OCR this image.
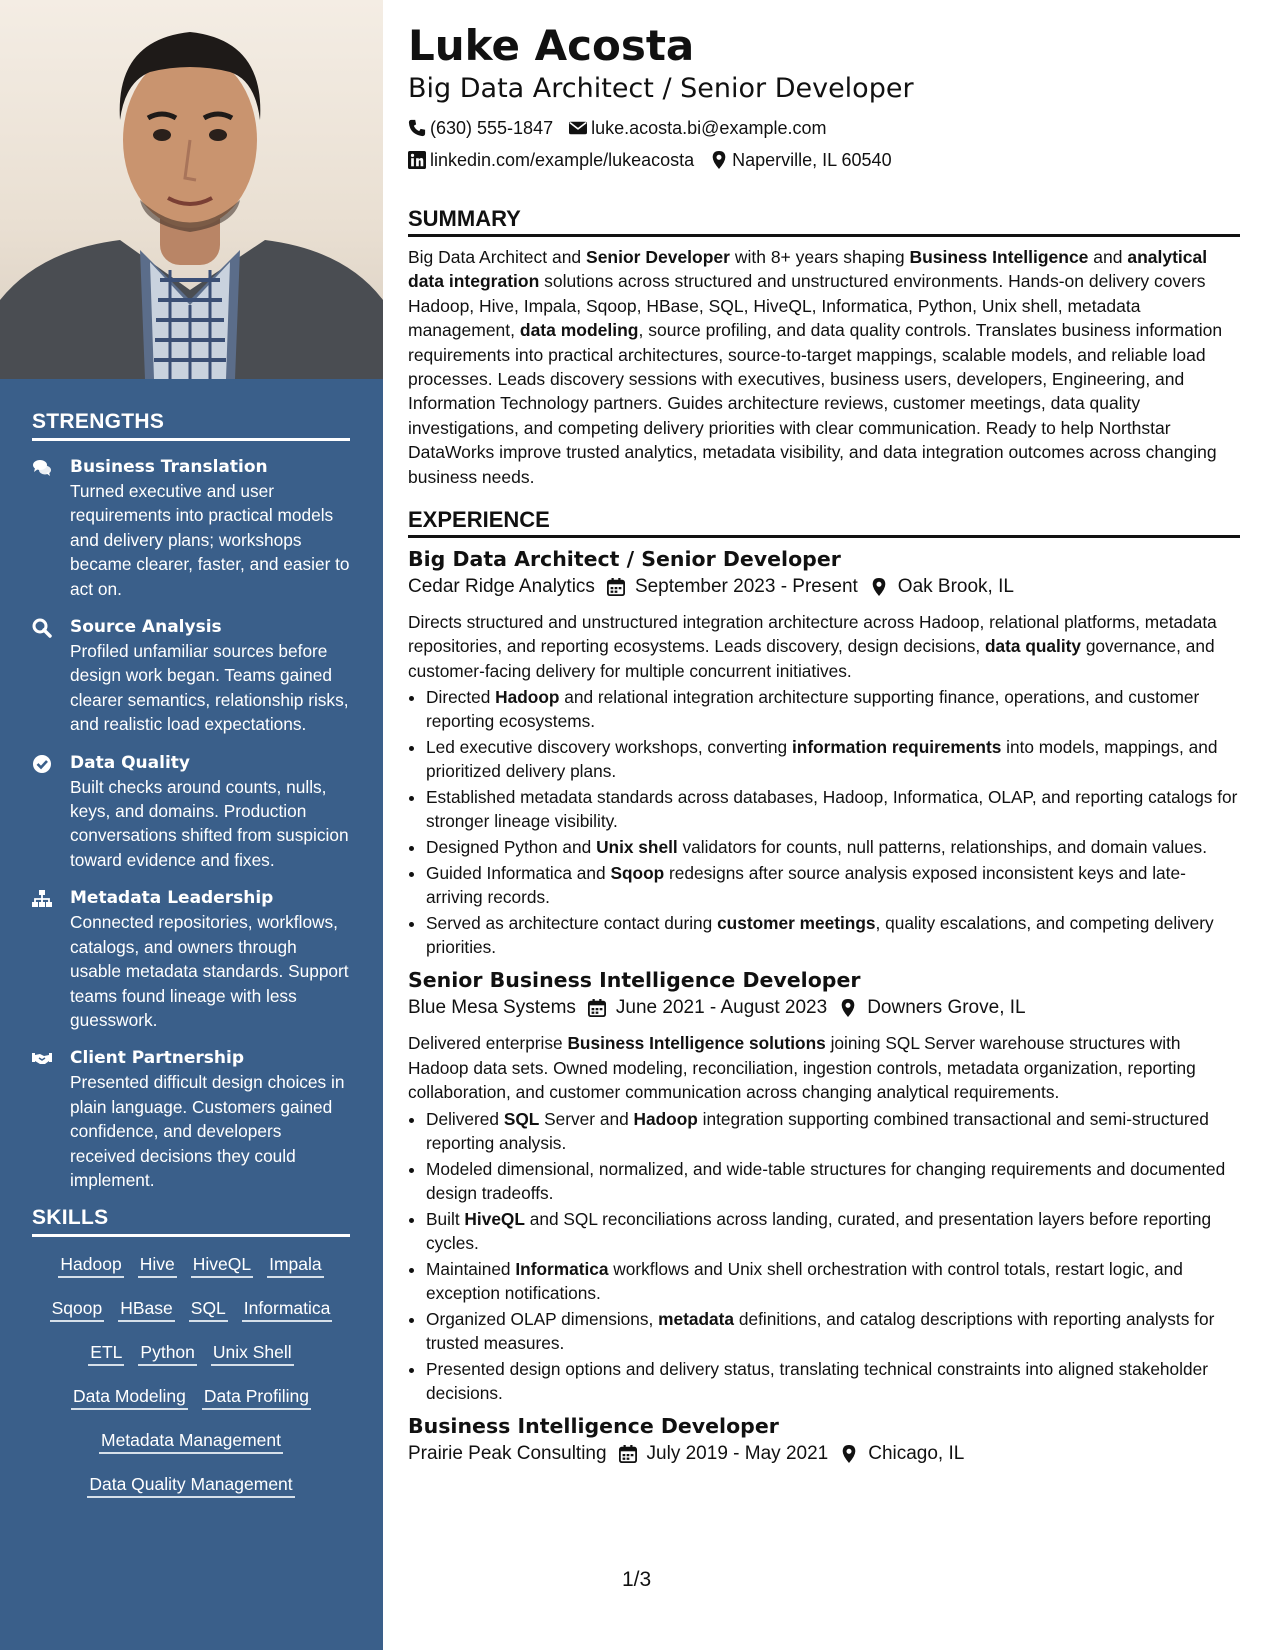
STRENGTHS
Business Translation
Turned executive and user requirements into practical models and delivery plans; workshops became clearer, faster, and easier to act on.
Source Analysis
Profiled unfamiliar sources before design work began. Teams gained clearer semantics, relationship risks, and realistic load expectations.
Data Quality
Built checks around counts, nulls, keys, and domains. Production conversations shifted from suspicion toward evidence and fixes.
Metadata Leadership
Connected repositories, workflows, catalogs, and owners through usable metadata standards. Support teams found lineage with less guesswork.
Client Partnership
Presented difficult design choices in plain language. Customers gained confidence, and developers received decisions they could implement.
SKILLS
Hadoop Hive HiveQL Impala
Sqoop HBase SQL Informatica
ETL Python Unix Shell
Data Modeling Data Profiling
Metadata Management
Data Quality Management
Luke Acosta
Big Data Architect / Senior Developer
(630) 555-1847 luke.acosta.bi@example.com
linkedin.com/example/lukeacosta Naperville, IL 60540
SUMMARY

Big Data Architect and Senior Developer with 8+ years shaping Business Intelligence and analytical data integration solutions across structured and unstructured environments. Hands-on delivery covers Hadoop, Hive, Impala, Sqoop, HBase, SQL, HiveQL, Informatica, Python, Unix shell, metadata management, data modeling, source profiling, and data quality controls. Translates business information requirements into practical architectures, source-to-target mappings, scalable models, and reliable load processes. Leads discovery sessions with executives, business users, developers, Engineering, and Information Technology partners. Guides architecture reviews, customer meetings, data quality investigations, and competing delivery priorities with clear communication. Ready to help Northstar DataWorks improve trusted analytics, metadata visibility, and data integration outcomes across changing business needs.

EXPERIENCE
Big Data Architect / Senior Developer
Cedar Ridge Analytics September 2023 - Present Oak Brook, IL

Directs structured and unstructured integration architecture across Hadoop, relational platforms, metadata repositories, and reporting ecosystems. Leads discovery, design decisions, data quality governance, and customer-facing delivery for multiple concurrent initiatives.

• Directed Hadoop and relational integration architecture supporting finance, operations, and customer reporting ecosystems.
• Led executive discovery workshops, converting information requirements into models, mappings, and prioritized delivery plans.
• Established metadata standards across databases, Hadoop, Informatica, OLAP, and reporting catalogs for stronger lineage visibility.
• Designed Python and Unix shell validators for counts, null patterns, relationships, and domain values.
• Guided Informatica and Sqoop redesigns after source analysis exposed inconsistent keys and late-arriving records.
• Served as architecture contact during customer meetings, quality escalations, and competing delivery priorities.
Senior Business Intelligence Developer
Blue Mesa Systems June 2021 - August 2023 Downers Grove, IL

Delivered enterprise Business Intelligence solutions joining SQL Server warehouse structures with Hadoop data sets. Owned modeling, reconciliation, ingestion controls, metadata organization, reporting collaboration, and customer communication across changing analytical requirements.

• Delivered SQL Server and Hadoop integration supporting combined transactional and semi-structured reporting analysis.
• Modeled dimensional, normalized, and wide-table structures for changing requirements and documented design tradeoffs.
• Built HiveQL and SQL reconciliations across landing, curated, and presentation layers before reporting cycles.
• Maintained Informatica workflows and Unix shell orchestration with control totals, restart logic, and exception notifications.
• Organized OLAP dimensions, metadata definitions, and catalog descriptions with reporting analysts for trusted measures.
• Presented design options and delivery status, translating technical constraints into aligned stakeholder decisions.
Business Intelligence Developer
Prairie Peak Consulting July 2019 - May 2021 Chicago, IL
1/3
